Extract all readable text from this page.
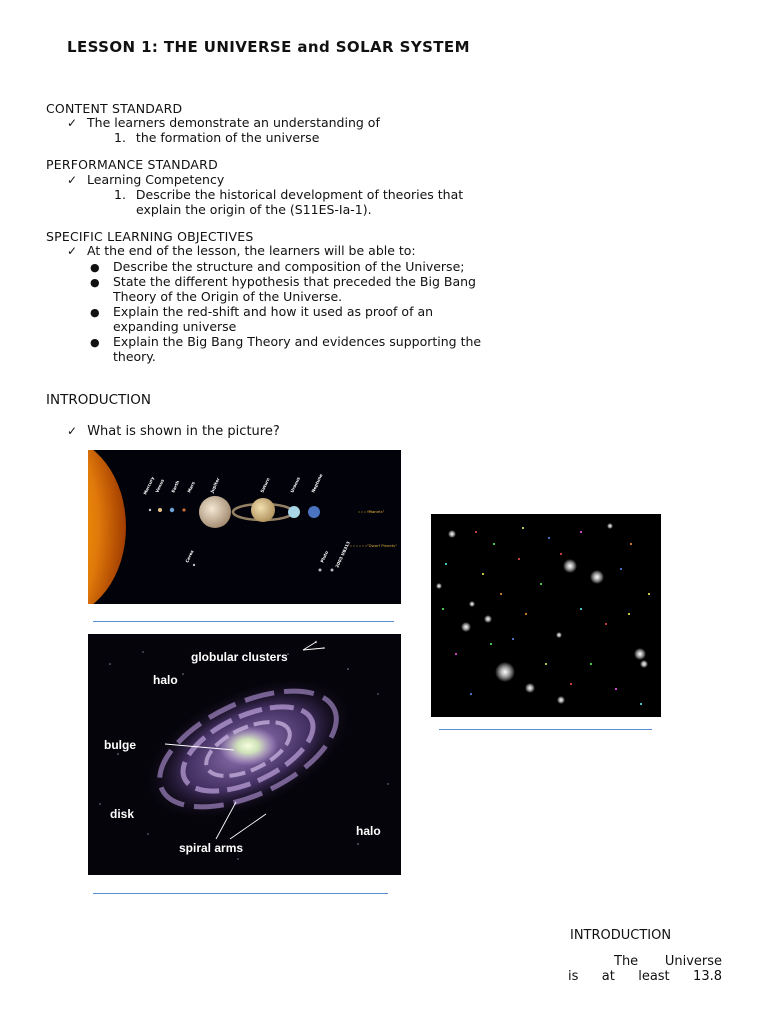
LESSON 1: THE UNIVERSE and SOLAR SYSTEM
CONTENT STANDARD
✓ The learners demonstrate an understanding of
1. the formation of the universe
PERFORMANCE STANDARD
✓ Learning Competency
1. Describe the historical development of theories that
explain the origin of the (S11ES-Ia-1).
SPECIFIC LEARNING OBJECTIVES
✓ At the end of the lesson, the learners will be able to:
● Describe the structure and composition of the Universe;
● State the different hypothesis that preceded the Big Bang
Theory of the Origin of the Universe.
● Explain the red-shift and how it used as proof of an
expanding universe
● Explain the Big Bang Theory and evidences supporting the
theory.
INTRODUCTION
✓ What is shown in the picture?
Mercury Venus Earth Mars	Jupiter	Saturn	Uranus Neptune
Ceres	Pluto 2003 UB313
"Planets"
"Dwarf Planets"
globular clusters
halo
bulge
disk
halo
spiral arms
INTRODUCTION
The Universe
is at least 13.8
